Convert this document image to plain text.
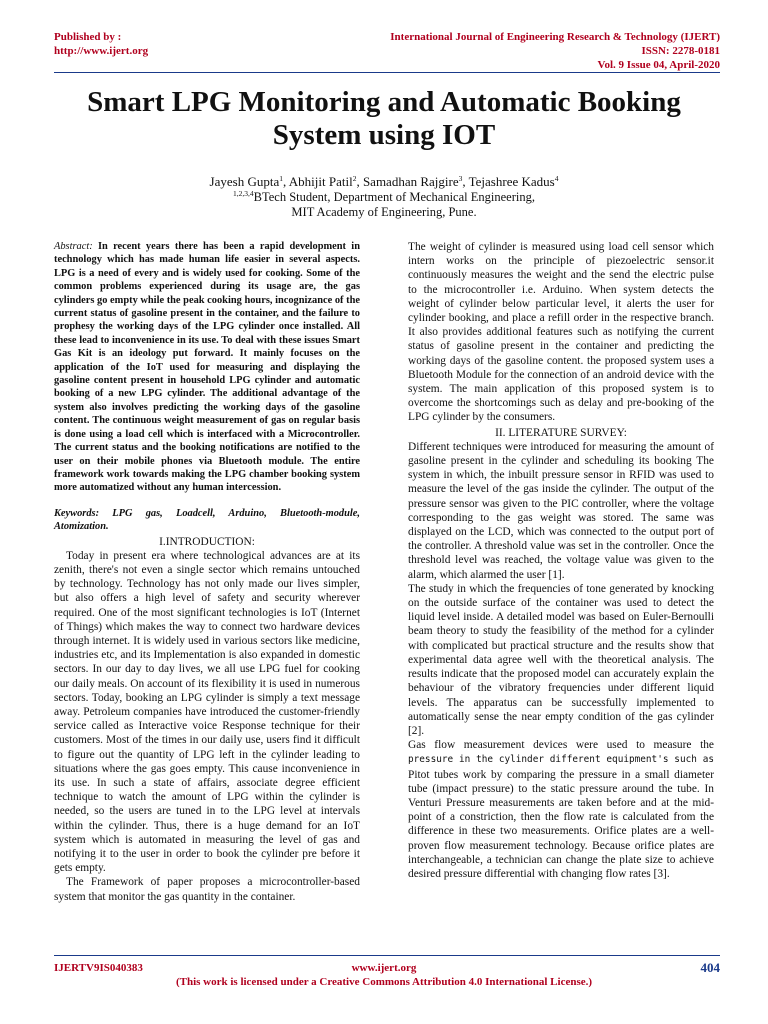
Published by :
http://www.ijert.org
International Journal of Engineering Research & Technology (IJERT)
ISSN: 2278-0181
Vol. 9 Issue 04, April-2020
Smart LPG Monitoring and Automatic Booking System using IOT
Jayesh Gupta$^1$, Abhijit Patil$^2$, Samadhan Rajgire$^3$, Tejashree Kadus$^4$
$^{1,2,3,4}$BTech Student, Department of Mechanical Engineering,
MIT Academy of Engineering, Pune.

Abstract: In recent years there has been a rapid development in technology which has made human life easier in several aspects. LPG is a need of every and is widely used for cooking. Some of the common problems experienced during its usage are, the gas cylinders go empty while the peak cooking hours, incognizance of the current status of gasoline present in the container, and the failure to prophesy the working days of the LPG cylinder once installed. All these lead to inconvenience in its use. To deal with these issues Smart Gas Kit is an ideology put forward. It mainly focuses on the application of the IoT used for measuring and displaying the gasoline content present in household LPG cylinder and automatic booking of a new LPG cylinder. The additional advantage of the system also involves predicting the working days of the gasoline content. The continuous weight measurement of gas on regular basis is done using a load cell which is interfaced with a Microcontroller. The current status and the booking notifications are notified to the user on their mobile phones via Bluetooth module. The entire framework work towards making the LPG chamber booking system more automatized without any human intercession.

Keywords: LPG gas, Loadcell, Arduino, Bluetooth-module, Atomization.

I.INTRODUCTION:

Today in present era where technological advances are at its zenith, there's not even a single sector which remains untouched by technology. Technology has not only made our lives simpler, but also offers a high level of safety and security wherever required. One of the most significant technologies is IoT (Internet of Things) which makes the way to connect two hardware devices through internet. It is widely used in various sectors like medicine, industries etc, and its Implementation is also expanded in domestic sectors. In our day to day lives, we all use LPG fuel for cooking our daily meals. On account of its flexibility it is used in numerous sectors. Today, booking an LPG cylinder is simply a text message away. Petroleum companies have introduced the customer-friendly service called as Interactive voice Response technique for their customers. Most of the times in our daily use, users find it difficult to figure out the quantity of LPG left in the cylinder leading to situations where the gas goes empty. This cause inconvenience in its use. In such a state of affairs, associate degree efficient technique to watch the amount of LPG within the cylinder is needed, so the users are tuned in to the LPG level at intervals within the cylinder. Thus, there is a huge demand for an IoT system which is automated in measuring the level of gas and notifying it to the user in order to book the cylinder pre before it gets empty.

The Framework of paper proposes a microcontroller-based system that monitor the gas quantity in the container.

The weight of cylinder is measured using load cell sensor which intern works on the principle of piezoelectric sensor.it continuously measures the weight and the send the electric pulse to the microcontroller i.e. Arduino. When system detects the weight of cylinder below particular level, it alerts the user for cylinder booking, and place a refill order in the respective branch. It also provides additional features such as notifying the current status of gasoline present in the container and predicting the working days of the gasoline content. the proposed system uses a Bluetooth Module for the connection of an android device with the system. The main application of this proposed system is to overcome the shortcomings such as delay and pre-booking of the LPG cylinder by the consumers.

II. LITERATURE SURVEY:

Different techniques were introduced for measuring the amount of gasoline present in the cylinder and scheduling its booking The system in which, the inbuilt pressure sensor in RFID was used to measure the level of the gas inside the cylinder. The output of the pressure sensor was given to the PIC controller, where the voltage corresponding to the gas weight was stored. The same was displayed on the LCD, which was connected to the output port of the controller. A threshold value was set in the controller. Once the threshold level was reached, the voltage value was given to the alarm, which alarmed the user [1].

The study in which the frequencies of tone generated by knocking on the outside surface of the container was used to detect the liquid level inside. A detailed model was based on Euler-Bernoulli beam theory to study the feasibility of the method for a cylinder with complicated but practical structure and the results show that experimental data agree well with the theoretical analysis. The results indicate that the proposed model can accurately explain the behaviour of the vibratory frequencies under different liquid levels. The apparatus can be successfully implemented to automatically sense the near empty condition of the gas cylinder [2].

Gas flow measurement devices were used to measure the pressure in the cylinder different equipment's such as Pitot tubes work by comparing the pressure in a small diameter tube (impact pressure) to the static pressure around the tube. In Venturi Pressure measurements are taken before and at the mid-point of a constriction, then the flow rate is calculated from the difference in these two measurements. Orifice plates are a well-proven flow measurement technology. Because orifice plates are interchangeable, a technician can change the plate size to achieve desired pressure differential with changing flow rates [3].

IJERTV9IS040383	www.ijert.org	404
(This work is licensed under a Creative Commons Attribution 4.0 International License.)
